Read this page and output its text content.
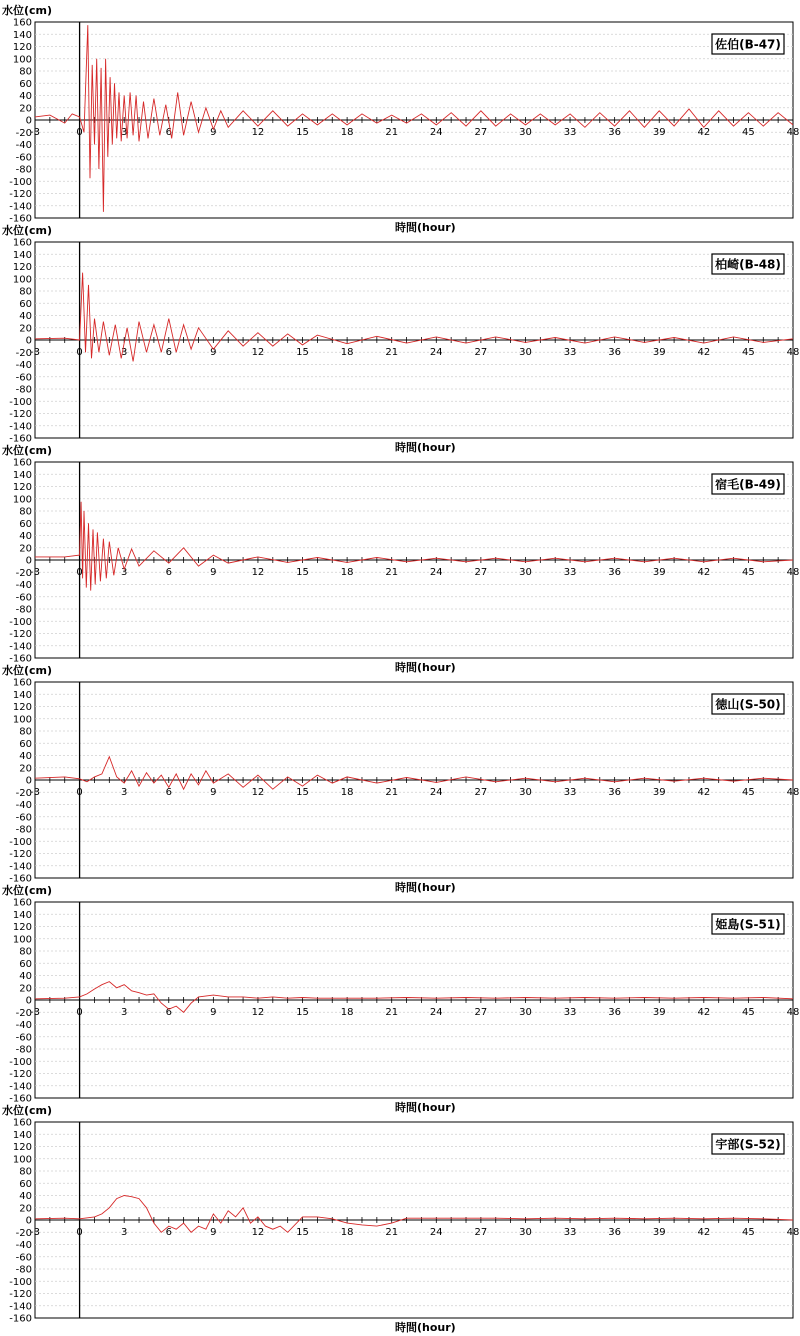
水位(cm)
時間(hour)
160
140
120
100
80
60
40
20
0
-20
-40
-60
-80
-100
-120
-140
-160
-3	0	3	6	9	12	15	18	21	24	27	30	33	36	39	42	45	48
佐伯(B-47)
水位(cm)
時間(hour)
160
140
120
100
80
60
40
20
0
-20
-40
-60
-80
-100
-120
-140
-160
-3	0	3	6	9	12	15	18	21	24	27	30	33	36	39	42	45	48
柏崎(B-48)
水位(cm)
時間(hour)
160
140
120
100
80
60
40
20
0
-20
-40
-60
-80
-100
-120
-140
-160
-3	0	3	6	9	12	15	18	21	24	27	30	33	36	39	42	45	48
宿毛(B-49)
水位(cm)
時間(hour)
160
140
120
100
80
60
40
20
0
-20
-40
-60
-80
-100
-120
-140
-160
-3	0	3	6	9	12	15	18	21	24	27	30	33	36	39	42	45	48
徳山(S-50)
水位(cm)
時間(hour)
160
140
120
100
80
60
40
20
0
-20
-40
-60
-80
-100
-120
-140
-160
-3	0	3	6	9	12	15	18	21	24	27	30	33	36	39	42	45	48
姫島(S-51)
水位(cm)
時間(hour)
160
140
120
100
80
60
40
20
0
-20
-40
-60
-80
-100
-120
-140
-160
-3	0	3	6	9	12	15	18	21	24	27	30	33	36	39	42	45	48
宇部(S-52)
